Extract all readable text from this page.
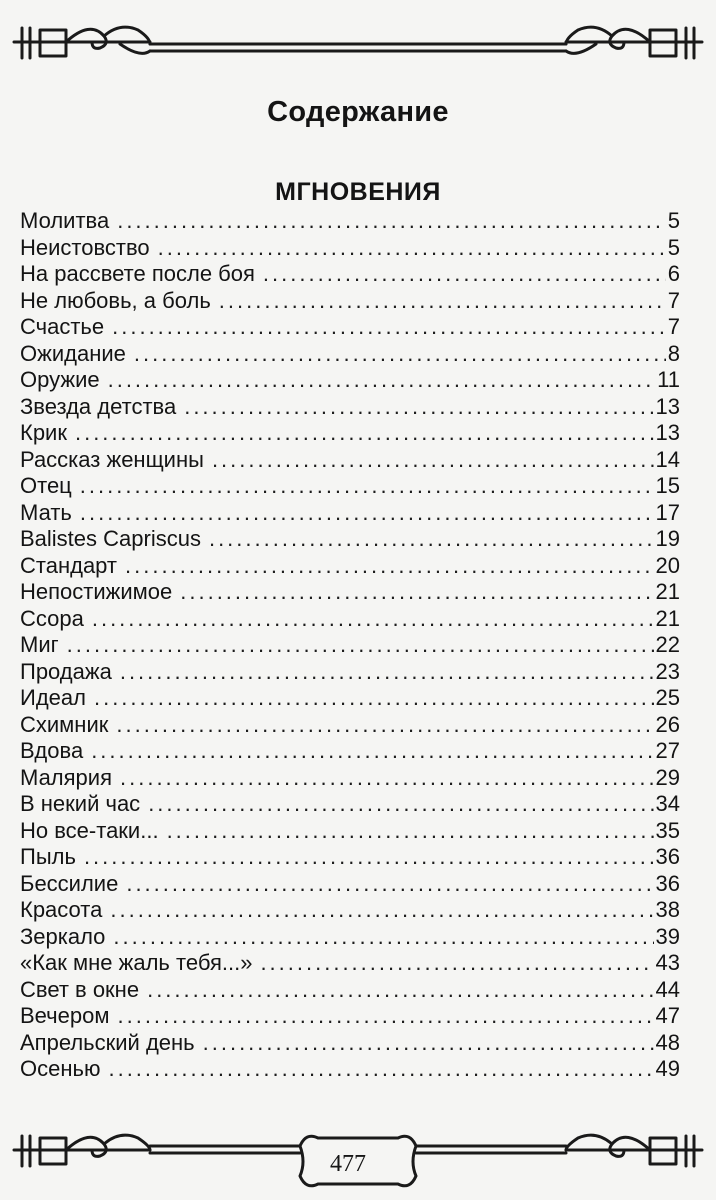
Содержание
МГНОВЕНИЯ
Молитва .....	5
Неистовство .....	5
На рассвете после боя .....	6
Не любовь, а боль .....	7
Счастье .....	7
Ожидание .....	8
Оружие .....	11
Звезда детства .....	13
Крик .....	13
Рассказ женщины .....	14
Отец .....	15
Мать .....	17
Balistes Capriscus .....	19
Стандарт .....	20
Непостижимое .....	21
Ссора .....	21
Миг .....	22
Продажа .....	23
Идеал .....	25
Схимник .....	26
Вдова .....	27
Малярия .....	29
В некий час .....	34
Но все-таки... .....	35
Пыль .....	36
Бессилие .....	36
Красота .....	38
Зеркало .....	39
«Как мне жаль тебя...» .....	43
Свет в окне .....	44
Вечером .....	47
Апрельский день .....	48
Осенью .....	49
477
